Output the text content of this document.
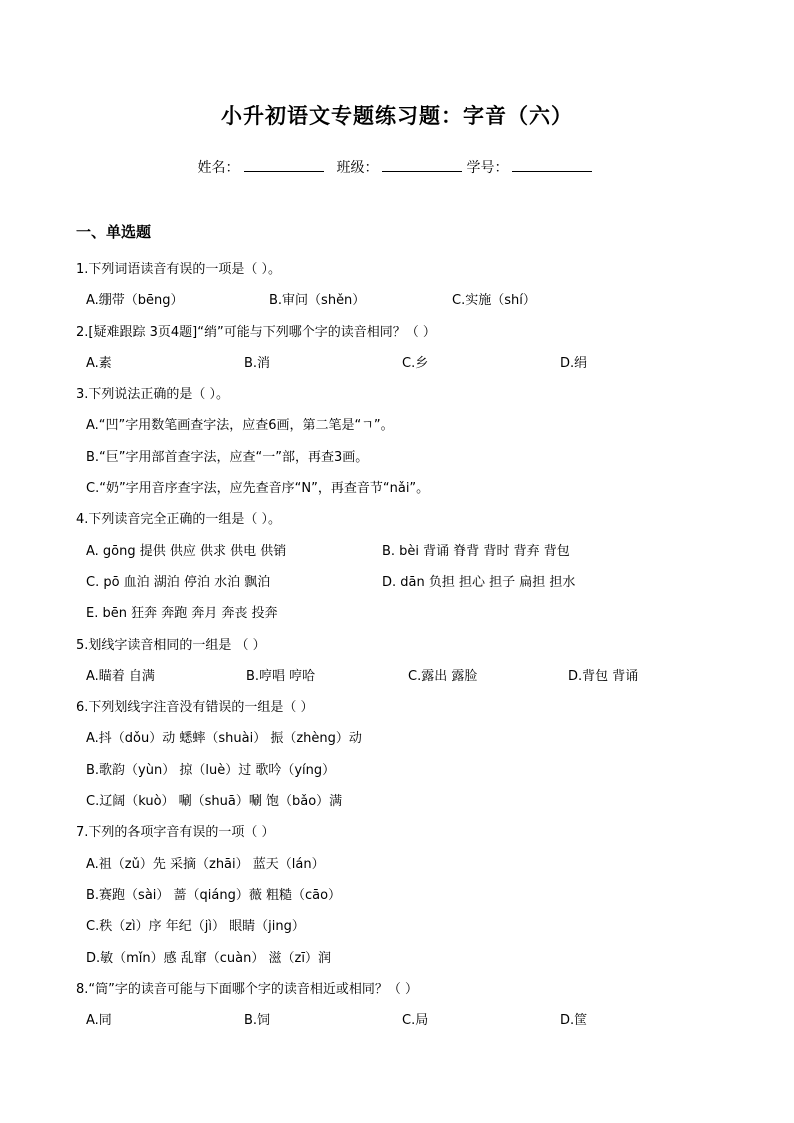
小升初语文专题练习题：字音（六）
姓名：	班级：	学号：
一、单选题
1.下列词语读音有误的一项是（ ）。
A.绷带（bēng）	B.审问（shěn）	C.实施（shí）
2.[疑难跟踪 3页4题]“绡”可能与下列哪个字的读音相同？（ ）
A.素	B.消	C.乡	D.绢
3.下列说法正确的是（ ）。
A.“凹”字用数笔画查字法，应查6画，第二笔是“ㄱ”。
B.“巨”字用部首查字法，应查“一”部，再查3画。
C.“奶”字用音序查字法，应先查音序“N”，再查音节“nǎi”。
4.下列读音完全正确的一组是（ ）。
A. gōng 提供 供应 供求 供电 供销	B. bèi 背诵 脊背 背时 背弃 背包
C. pō 血泊 湖泊 停泊 水泊 飘泊	D. dān 负担 担心 担子 扁担 担水
E. bēn 狂奔 奔跑 奔月 奔丧 投奔
5.划线字读音相同的一组是 （ ）
A.瞄着 自满	B.哼唱 哼哈	C.露出 露脸	D.背包 背诵
6.下列划线字注音没有错误的一组是（ ）
A.抖（dǒu）动 蟋蟀（shuài） 振（zhèng）动
B.歌韵（yùn） 掠（luè）过 歌吟（yíng）
C.辽阔（kuò） 唰（shuā）唰 饱（bǎo）满
7.下列的各项字音有误的一项（ ）
A.祖（zǔ）先 采摘（zhāi） 蓝天（lán）
B.赛跑（sài） 蔷（qiáng）薇 粗糙（cāo）
C.秩（zì）序 年纪（jì） 眼睛（jing）
D.敏（mǐn）感 乱窜（cuàn） 滋（zī）润
8.“筒”字的读音可能与下面哪个字的读音相近或相同？（ ）
A.同	B.饲	C.局	D.筐
